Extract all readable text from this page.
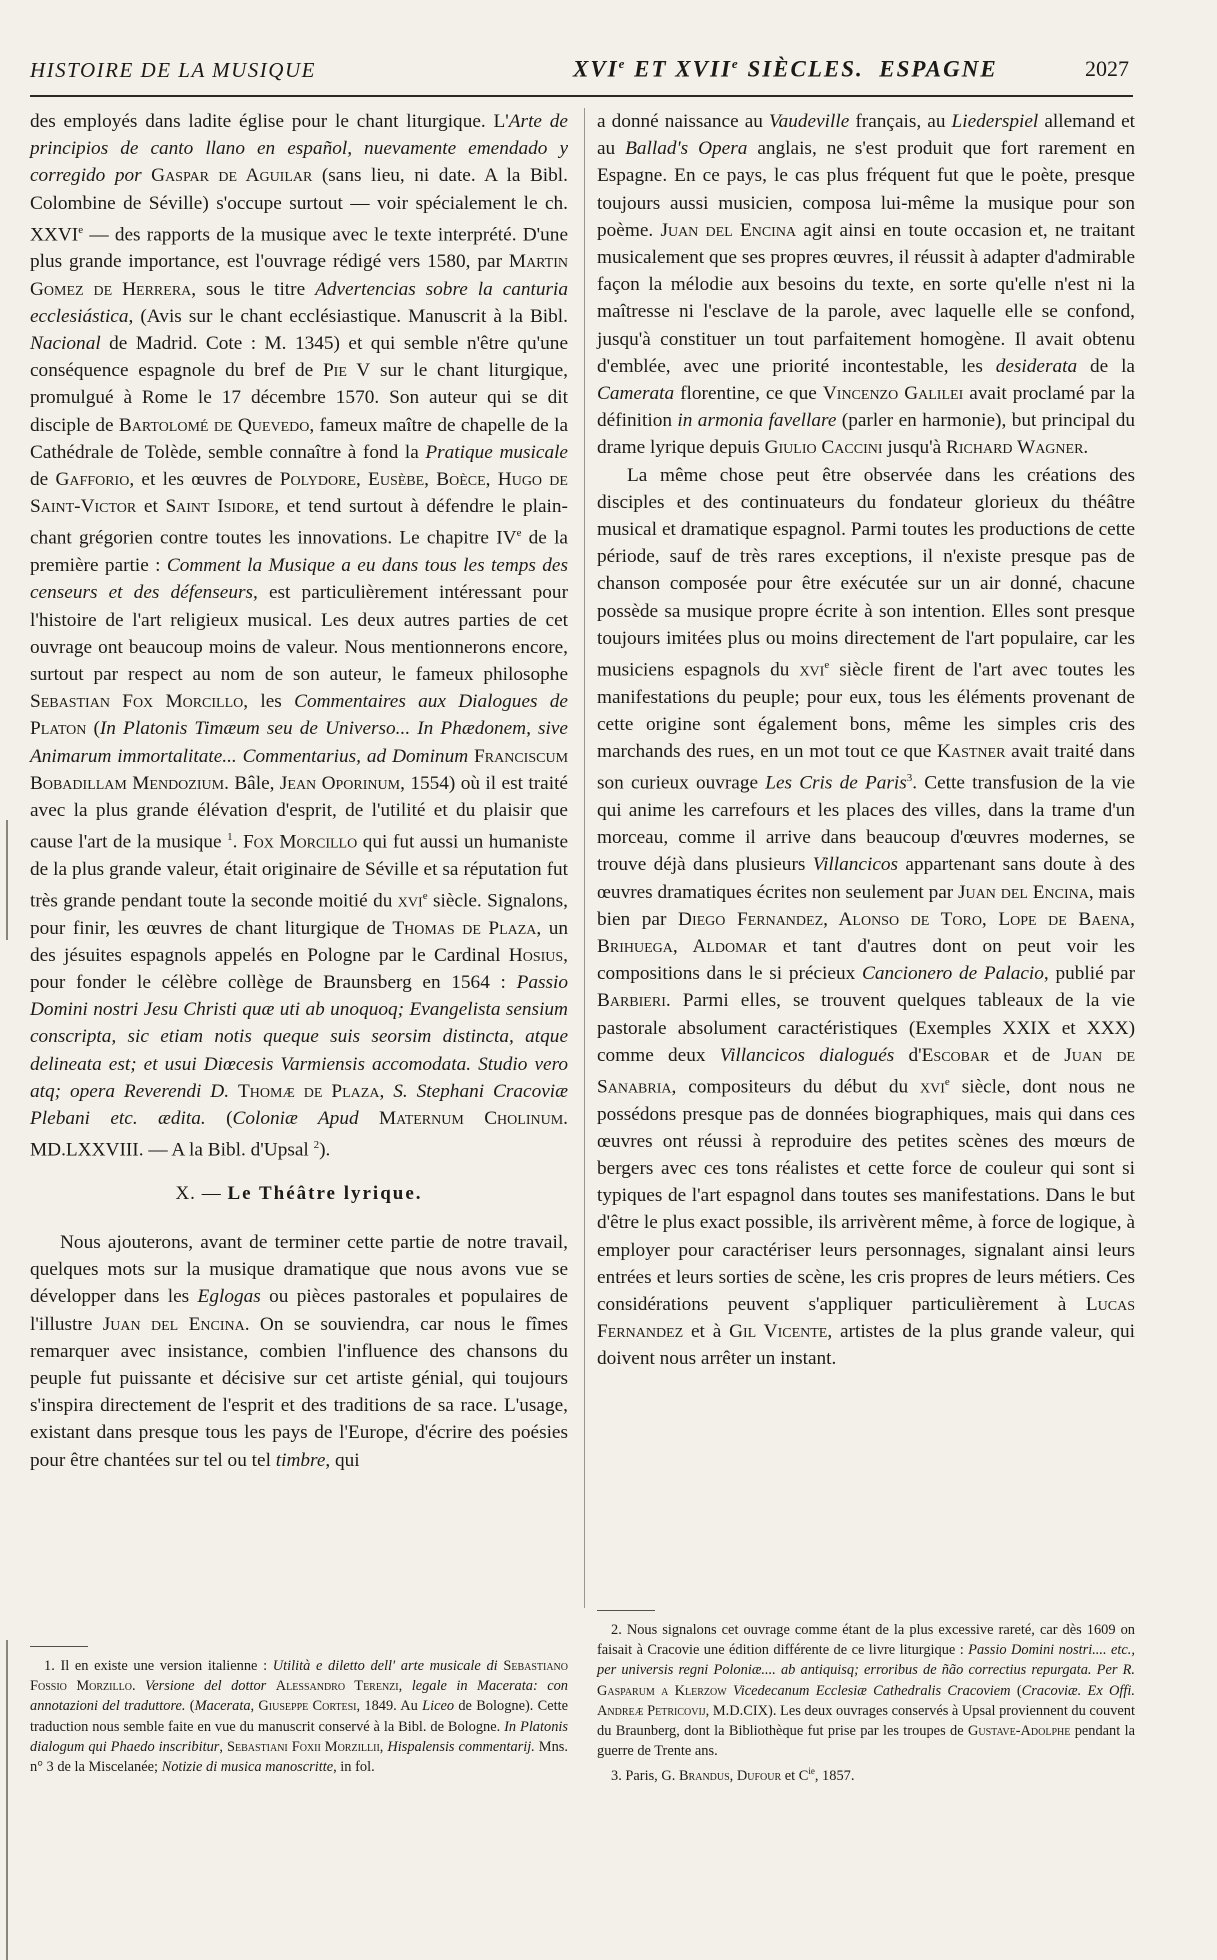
HISTOIRE DE LA MUSIQUE	XVIe ET XVIIe SIÈCLES.  ESPAGNE	2027

des employés dans ladite église pour le chant liturgique. L'Arte de principios de canto llano en español, nuevamente emendado y corregido por Gaspar de Aguilar (sans lieu, ni date. A la Bibl. Colombine de Séville) s'occupe surtout — voir spécialement le ch. XXVIe — des rapports de la musique avec le texte interprété. D'une plus grande importance, est l'ouvrage rédigé vers 1580, par Martin Gomez de Herrera, sous le titre Advertencias sobre la canturia ecclesiástica, (Avis sur le chant ecclésiastique. Manuscrit à la Bibl. Nacional de Madrid. Cote : M. 1345) et qui semble n'être qu'une conséquence espagnole du bref de Pie V sur le chant liturgique, promulgué à Rome le 17 décembre 1570. Son auteur qui se dit disciple de Bartolomé de Quevedo, fameux maître de chapelle de la Cathédrale de Tolède, semble connaître à fond la Pratique musicale de Gafforio, et les œuvres de Polydore, Eusèbe, Boèce, Hugo de Saint-Victor et Saint Isidore, et tend surtout à défendre le plain-chant grégorien contre toutes les innovations. Le chapitre IVe de la première partie : Comment la Musique a eu dans tous les temps des censeurs et des défenseurs, est particulièrement intéressant pour l'histoire de l'art religieux musical. Les deux autres parties de cet ouvrage ont beaucoup moins de valeur. Nous mentionnerons encore, surtout par respect au nom de son auteur, le fameux philosophe Sebastian Fox Morcillo, les Commentaires aux Dialogues de Platon (In Platonis Timæum seu de Universo... In Phædonem, sive Animarum immortalitate... Commentarius, ad Dominum Franciscum Bobadillam Mendozium. Bâle, Jean Oporinum, 1554) où il est traité avec la plus grande élévation d'esprit, de l'utilité et du plaisir que cause l'art de la musique $^1$. Fox Morcillo qui fut aussi un humaniste de la plus grande valeur, était originaire de Séville et sa réputation fut très grande pendant toute la seconde moitié du xvi$^e$ siècle. Signalons, pour finir, les œuvres de chant liturgique de Thomas de Plaza, un des jésuites espagnols appelés en Pologne par le Cardinal Hosius, pour fonder le célèbre collège de Braunsberg en 1564 : Passio Domini nostri Jesu Christi quæ uti ab unoquoq; Evangelista sensium conscripta, sic etiam notis queque suis seorsim distincta, atque delineata est; et usui Diœcesis Varmiensis accomodata. Studio vero atq; opera Reverendi D. Thomæ de Plaza, S. Stephani Cracoviæ Plebani etc. ædita. (Coloniæ Apud Maternum Cholinum. MD.LXXVIII. — A la Bibl. d'Upsal $^2$).

X. — Le Théâtre lyrique.

Nous ajouterons, avant de terminer cette partie de notre travail, quelques mots sur la musique dramatique que nous avons vue se développer dans les Eglogas ou pièces pastorales et populaires de l'illustre Juan del Encina. On se souviendra, car nous le fîmes remarquer avec insistance, combien l'influence des chansons du peuple fut puissante et décisive sur cet artiste génial, qui toujours s'inspira directement de l'esprit et des traditions de sa race. L'usage, existant dans presque tous les pays de l'Europe, d'écrire des poésies pour être chantées sur tel ou tel timbre, qui

1. Il en existe une version italienne : Utilità e diletto dell' arte musicale di Sebastiano Fossio Morzillo. Versione del dottor Alessandro Terenzi, legale in Macerata: con annotazioni del traduttore. (Macerata, Giuseppe Cortesi, 1849. Au Liceo de Bologne). Cette traduction nous semble faite en vue du manuscrit conservé à la Bibl. de Bologne. In Platonis dialogum qui Phaedo inscribitur, Sebastiani Foxii Morzillii, Hispalensis commentarij. Mns. n° 3 de la Miscelanée; Notizie di musica manoscritte, in fol.

a donné naissance au Vaudeville français, au Liederspiel allemand et au Ballad's Opera anglais, ne s'est produit que fort rarement en Espagne. En ce pays, le cas plus fréquent fut que le poète, presque toujours aussi musicien, composa lui-même la musique pour son poème. Juan del Encina agit ainsi en toute occasion et, ne traitant musicalement que ses propres œuvres, il réussit à adapter d'admirable façon la mélodie aux besoins du texte, en sorte qu'elle n'est ni la maîtresse ni l'esclave de la parole, avec laquelle elle se confond, jusqu'à constituer un tout parfaitement homogène. Il avait obtenu d'emblée, avec une priorité incontestable, les desiderata de la Camerata florentine, ce que Vincenzo Galilei avait proclamé par la définition in armonia favellare (parler en harmonie), but principal du drame lyrique depuis Giulio Caccini jusqu'à Richard Wagner.

La même chose peut être observée dans les créations des disciples et des continuateurs du fondateur glorieux du théâtre musical et dramatique espagnol. Parmi toutes les productions de cette période, sauf de très rares exceptions, il n'existe presque pas de chanson composée pour être exécutée sur un air donné, chacune possède sa musique propre écrite à son intention. Elles sont presque toujours imitées plus ou moins directement de l'art populaire, car les musiciens espagnols du xvi$^e$ siècle firent de l'art avec toutes les manifestations du peuple; pour eux, tous les éléments provenant de cette origine sont également bons, même les simples cris des marchands des rues, en un mot tout ce que Kastner avait traité dans son curieux ouvrage Les Cris de Paris$^3$. Cette transfusion de la vie qui anime les carrefours et les places des villes, dans la trame d'un morceau, comme il arrive dans beaucoup d'œuvres modernes, se trouve déjà dans plusieurs Villancicos appartenant sans doute à des œuvres dramatiques écrites non seulement par Juan del Encina, mais bien par Diego Fernandez, Alonso de Toro, Lope de Baena, Brihuega, Aldomar et tant d'autres dont on peut voir les compositions dans le si précieux Cancionero de Palacio, publié par Barbieri. Parmi elles, se trouvent quelques tableaux de la vie pastorale absolument caractéristiques (Exemples XXIX et XXX) comme deux Villancicos dialogués d'Escobar et de Juan de Sanabria, compositeurs du début du xvi$^e$ siècle, dont nous ne possédons presque pas de données biographiques, mais qui dans ces œuvres ont réussi à reproduire des petites scènes des mœurs de bergers avec ces tons réalistes et cette force de couleur qui sont si typiques de l'art espagnol dans toutes ses manifestations. Dans le but d'être le plus exact possible, ils arrivèrent même, à force de logique, à employer pour caractériser leurs personnages, signalant ainsi leurs entrées et leurs sorties de scène, les cris propres de leurs métiers. Ces considérations peuvent s'appliquer particulièrement à Lucas Fernandez et à Gil Vicente, artistes de la plus grande valeur, qui doivent nous arrêter un instant.

2. Nous signalons cet ouvrage comme étant de la plus excessive rareté, car dès 1609 on faisait à Cracovie une édition différente de ce livre liturgique : Passio Domini nostri.... etc., per universis regni Poloniæ.... ab antiquisq; erroribus de ñão correctius repurgata. Per R. Gasparum a Klerzow Vicedecanum Ecclesiæ Cathedralis Cracoviem (Cracoviæ. Ex Offi. Andreæ Petricovij, M.D.CIX). Les deux ouvrages conservés à Upsal proviennent du couvent du Braunberg, dont la Bibliothèque fut prise par les troupes de Gustave-Adolphe pendant la guerre de Trente ans.

3. Paris, G. Brandus, Dufour et $C^{ie}$, 1857.
